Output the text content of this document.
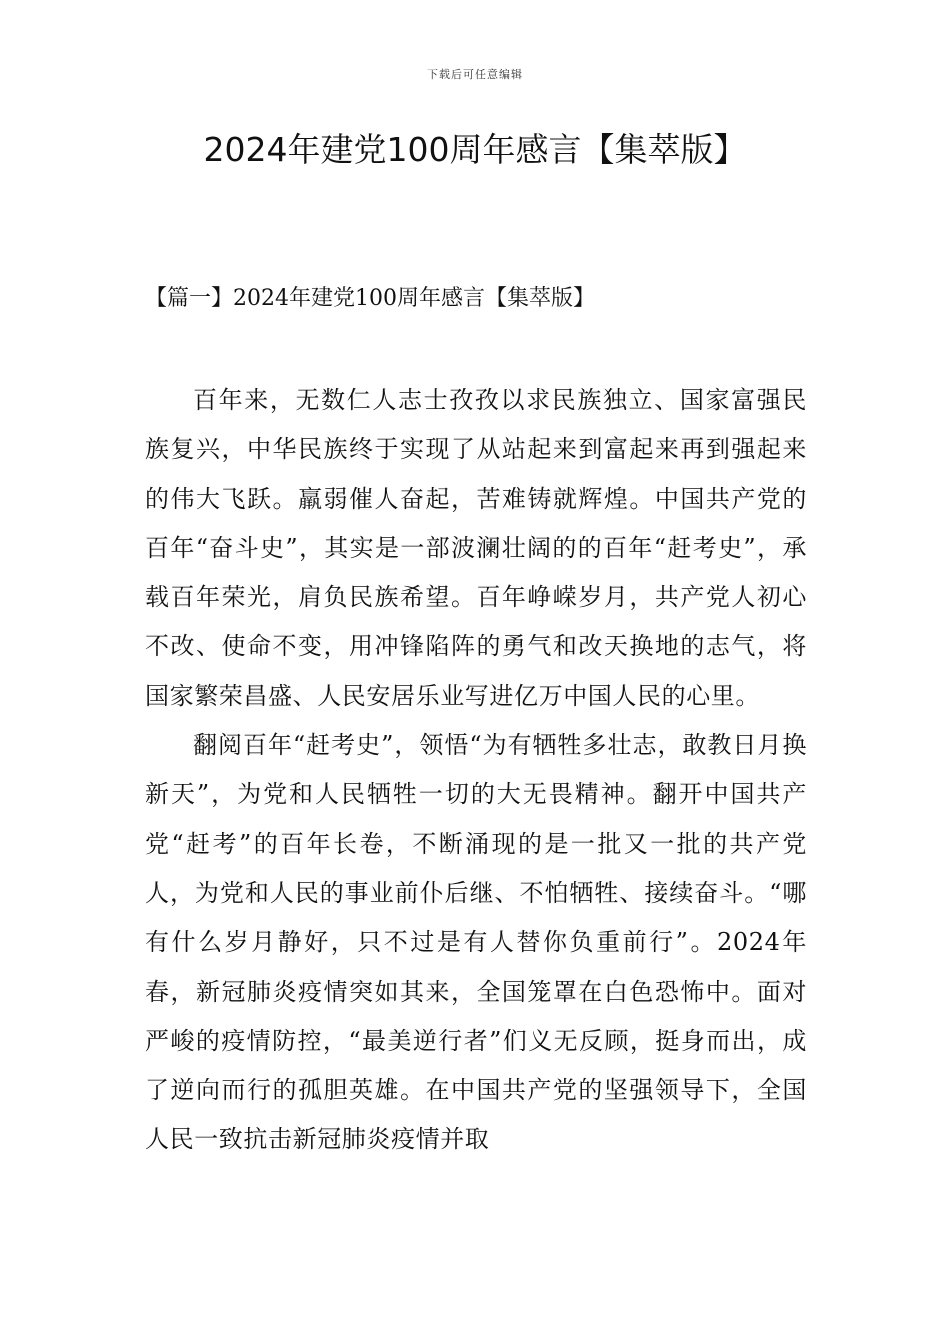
下载后可任意编辑
2024年建党100周年感言【集萃版】
【篇一】2024年建党100周年感言【集萃版】

百年来，无数仁人志士孜孜以求民族独立、国家富强民族复兴，中华民族终于实现了从站起来到富起来再到强起来的伟大飞跃。羸弱催人奋起，苦难铸就辉煌。中国共产党的百年“奋斗史”，其实是一部波澜壮阔的的百年“赶考史”，承载百年荣光，肩负民族希望。百年峥嵘岁月，共产党人初心不改、使命不变，用冲锋陷阵的勇气和改天换地的志气，将国家繁荣昌盛、人民安居乐业写进亿万中国人民的心里。

翻阅百年“赶考史”，领悟“为有牺牲多壮志，敢教日月换新天”，为党和人民牺牲一切的大无畏精神。翻开中国共产党“赶考”的百年长卷，不断涌现的是一批又一批的共产党人，为党和人民的事业前仆后继、不怕牺牲、接续奋斗。“哪有什么岁月静好，只不过是有人替你负重前行”。2024年春，新冠肺炎疫情突如其来，全国笼罩在白色恐怖中。面对严峻的疫情防控，“最美逆行者”们义无反顾，挺身而出，成了逆向而行的孤胆英雄。在中国共产党的坚强领导下，全国人民一致抗击新冠肺炎疫情并取
